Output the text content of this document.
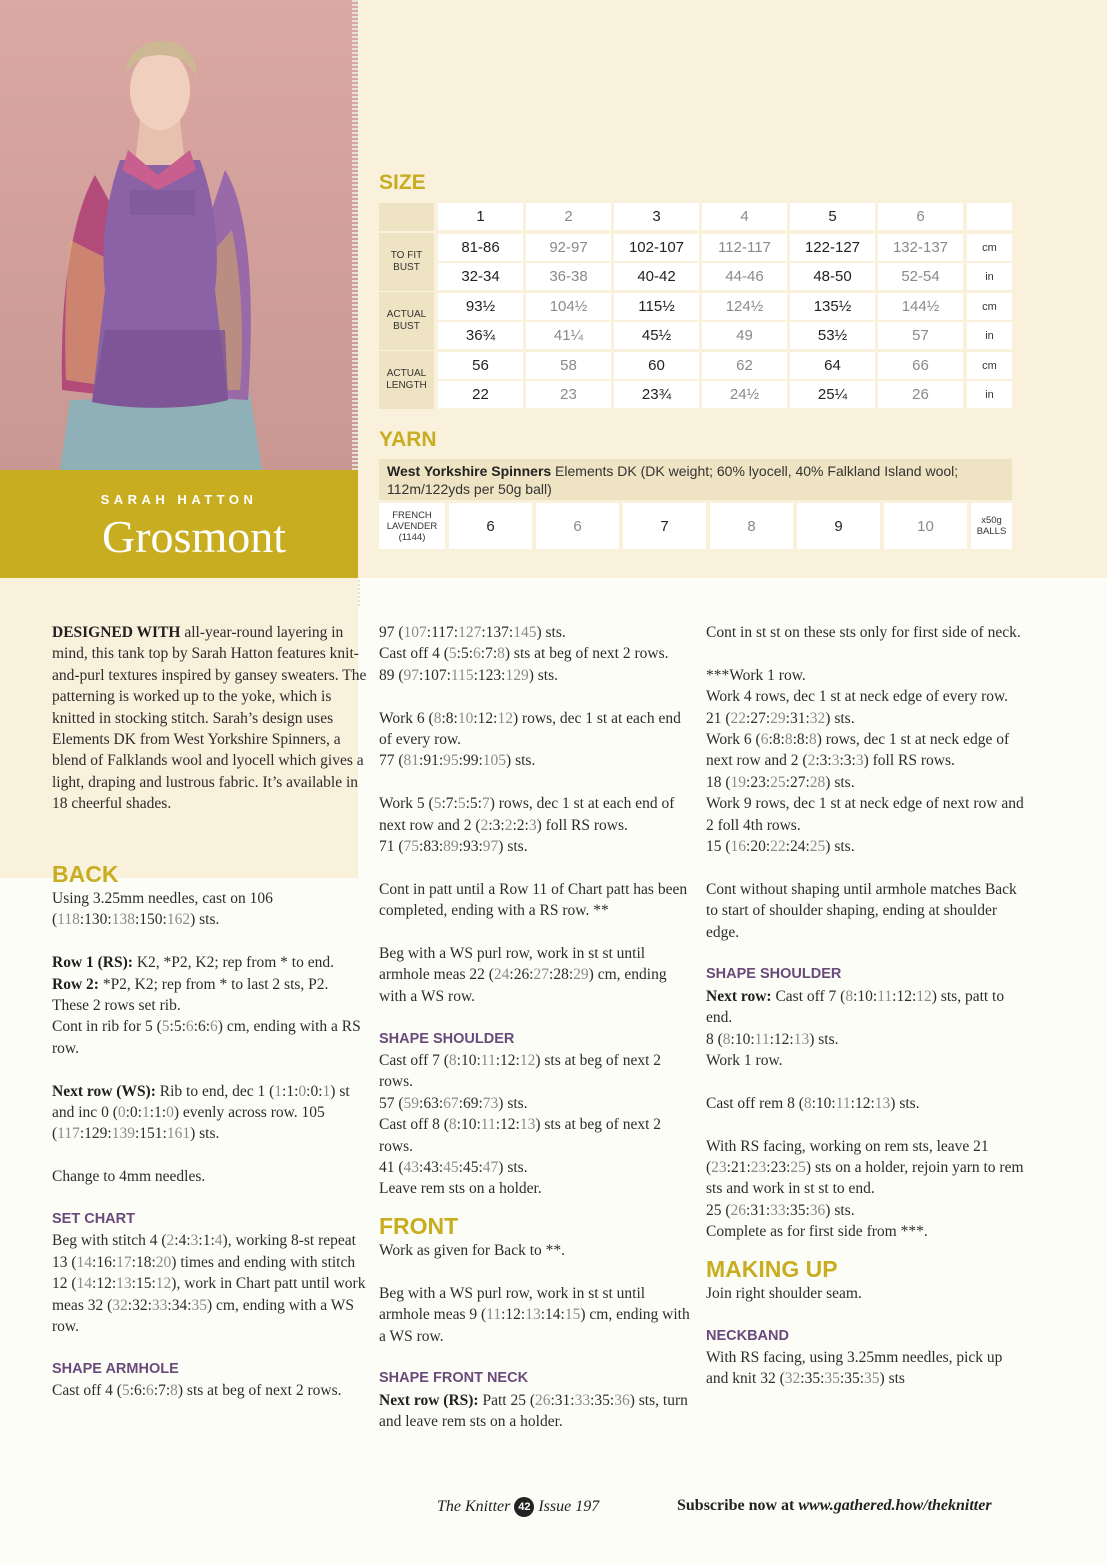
SARAH HATTON
Grosmont
SIZE
1	2	3	4	5	6
TO FIT BUST
81-86	92-97	102-107	112-117	122-127	132-137	cm
32-34	36-38	40-42	44-46	48-50	52-54	in
ACTUAL BUST
93½	104½	115½	124½	135½	144½	cm
36¾	41¼	45½	49	53½	57	in
ACTUAL LENGTH
56	58	60	62	64	66	cm
22	23	23¾	24½	25¼	26	in
YARN
West Yorkshire Spinners Elements DK (DK weight; 60% lyocell, 40% Falkland Island wool; 112m/122yds per 50g ball)
FRENCH LAVENDER (1144)
6	6	7	8	9	10	x50g BALLS

DESIGNED WITH all-year-round layering in mind, this tank top by Sarah Hatton features knit-and-purl textures inspired by gansey sweaters. The patterning is worked up to the yoke, which is knitted in stocking stitch. Sarah’s design uses Elements DK from West Yorkshire Spinners, a blend of Falklands wool and lyocell which gives a light, draping and lustrous fabric. It’s available in 18 cheerful shades.

BACK

Using 3.25mm needles, cast on 106 (118:130:138:150:162) sts.

Row 1 (RS): K2, *P2, K2; rep from * to end.
Row 2: *P2, K2; rep from * to last 2 sts, P2.
These 2 rows set rib.
Cont in rib for 5 (5:5:6:6:6) cm, ending with a RS row.

Next row (WS): Rib to end, dec 1 (1:1:0:0:1) st and inc 0 (0:0:1:1:0) evenly across row. 105 (117:129:139:151:161) sts.

Change to 4mm needles.

SET CHART

Beg with stitch 4 (2:4:3:1:4), working 8-st repeat 13 (14:16:17:18:20) times and ending with stitch 12 (14:12:13:15:12), work in Chart patt until work meas 32 (32:32:33:34:35) cm, ending with a WS row.

SHAPE ARMHOLE

Cast off 4 (5:6:6:7:8) sts at beg of next 2 rows.

97 (107:117:127:137:145) sts.
Cast off 4 (5:5:6:7:8) sts at beg of next 2 rows.
89 (97:107:115:123:129) sts.

Work 6 (8:8:10:12:12) rows, dec 1 st at each end of every row.
77 (81:91:95:99:105) sts.

Work 5 (5:7:5:5:7) rows, dec 1 st at each end of next row and 2 (2:3:2:2:3) foll RS rows.
71 (75:83:89:93:97) sts.

Cont in patt until a Row 11 of Chart patt has been completed, ending with a RS row. **

Beg with a WS purl row, work in st st until armhole meas 22 (24:26:27:28:29) cm, ending with a WS row.

SHAPE SHOULDER

Cast off 7 (8:10:11:12:12) sts at beg of next 2 rows.
57 (59:63:67:69:73) sts.
Cast off 8 (8:10:11:12:13) sts at beg of next 2 rows.
41 (43:43:45:45:47) sts.
Leave rem sts on a holder.

FRONT

Work as given for Back to **.

Beg with a WS purl row, work in st st until armhole meas 9 (11:12:13:14:15) cm, ending with a WS row.

SHAPE FRONT NECK

Next row (RS): Patt 25 (26:31:33:35:36) sts, turn and leave rem sts on a holder.

Cont in st st on these sts only for first side of neck.

***Work 1 row.
Work 4 rows, dec 1 st at neck edge of every row.
21 (22:27:29:31:32) sts.
Work 6 (6:8:8:8:8) rows, dec 1 st at neck edge of next row and 2 (2:3:3:3:3) foll RS rows.
18 (19:23:25:27:28) sts.
Work 9 rows, dec 1 st at neck edge of next row and 2 foll 4th rows.
15 (16:20:22:24:25) sts.

Cont without shaping until armhole matches Back to start of shoulder shaping, ending at shoulder edge.

SHAPE SHOULDER

Next row: Cast off 7 (8:10:11:12:12) sts, patt to end.
8 (8:10:11:12:13) sts.
Work 1 row.

Cast off rem 8 (8:10:11:12:13) sts.

With RS facing, working on rem sts, leave 21 (23:21:23:23:25) sts on a holder, rejoin yarn to rem sts and work in st st to end.
25 (26:31:33:35:36) sts.
Complete as for first side from ***.

MAKING UP

Join right shoulder seam.

NECKBAND

With RS facing, using 3.25mm needles, pick up and knit 32 (32:35:35:35:35) sts

The Knitter 42 Issue 197	Subscribe now at www.gathered.how/theknitter
